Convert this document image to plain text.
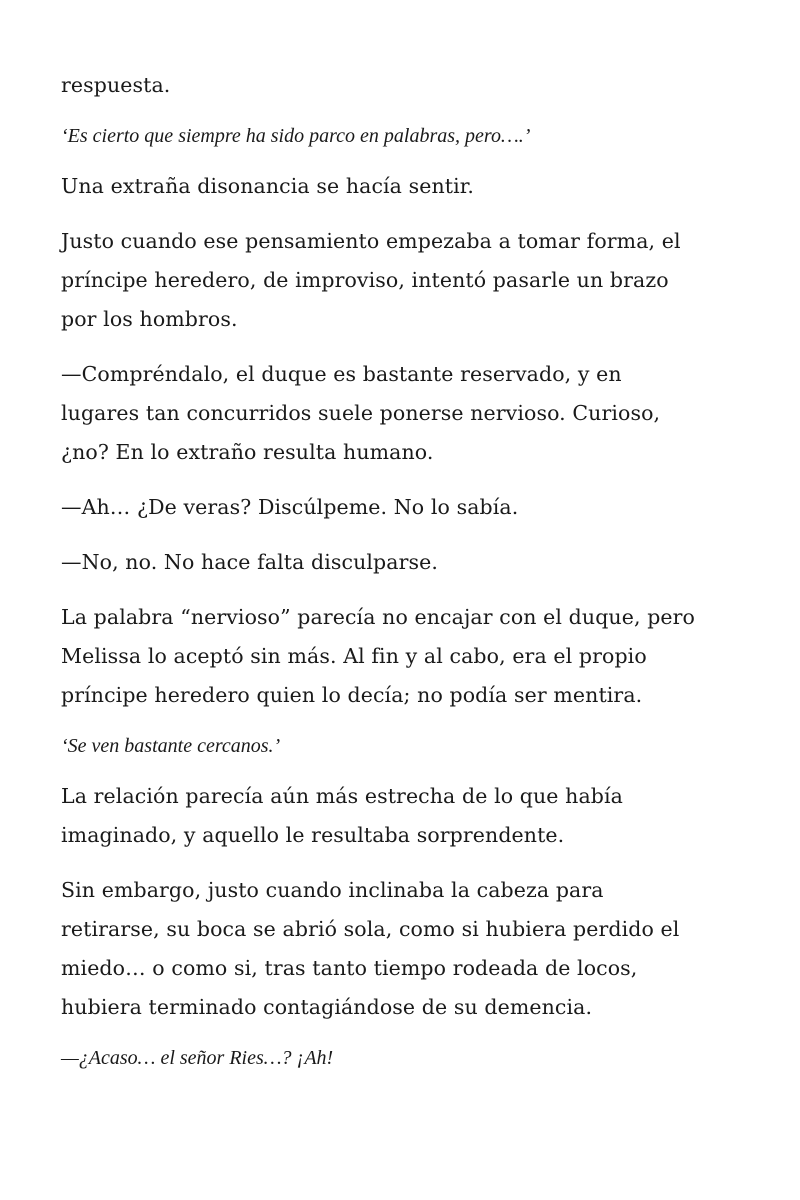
respuesta.
‘Es cierto que siempre ha sido parco en palabras, pero….’
Una extraña disonancia se hacía sentir.
Justo cuando ese pensamiento empezaba a tomar forma, el
príncipe heredero, de improviso, intentó pasarle un brazo
por los hombros.
—Compréndalo, el duque es bastante reservado, y en
lugares tan concurridos suele ponerse nervioso. Curioso,
¿no? En lo extraño resulta humano.
—Ah… ¿De veras? Discúlpeme. No lo sabía.
—No, no. No hace falta disculparse.
La palabra “nervioso” parecía no encajar con el duque, pero
Melissa lo aceptó sin más. Al fin y al cabo, era el propio
príncipe heredero quien lo decía; no podía ser mentira.
‘Se ven bastante cercanos.’
La relación parecía aún más estrecha de lo que había
imaginado, y aquello le resultaba sorprendente.
Sin embargo, justo cuando inclinaba la cabeza para
retirarse, su boca se abrió sola, como si hubiera perdido el
miedo… o como si, tras tanto tiempo rodeada de locos,
hubiera terminado contagiándose de su demencia.
—¿Acaso… el señor Ries…? ¡Ah!
